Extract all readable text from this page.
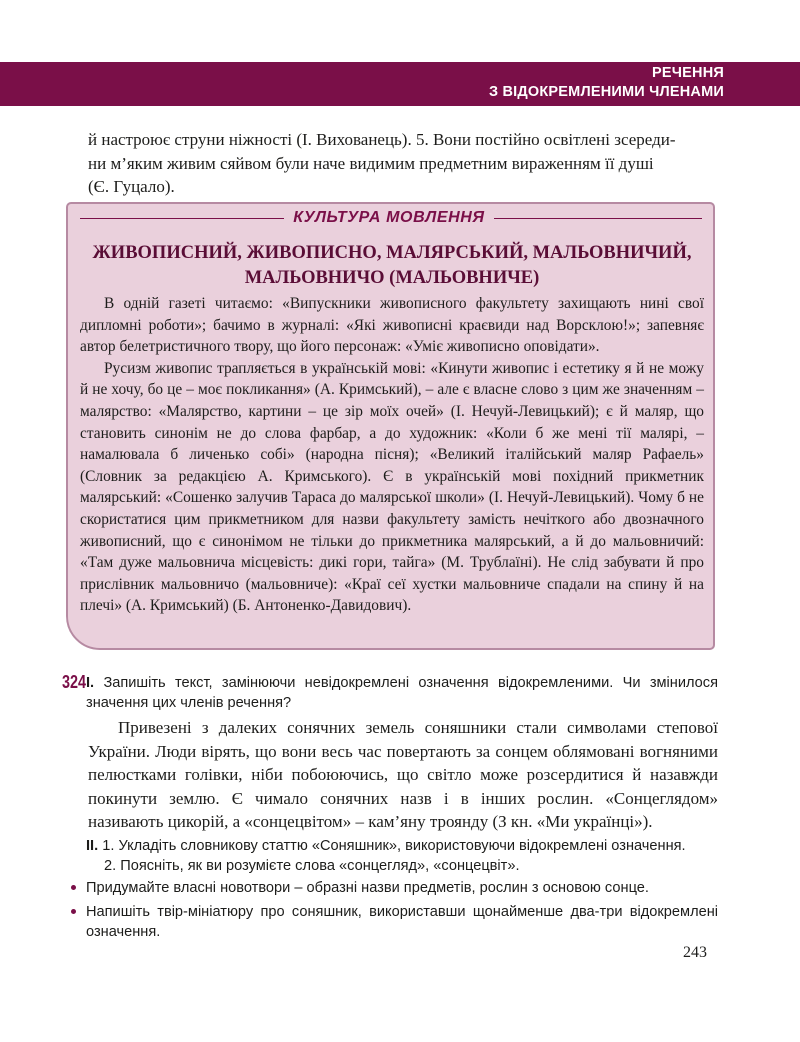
РЕЧЕННЯ
З ВІДОКРЕМЛЕНИМИ ЧЛЕНАМИ
й настроює струни ніжності (І. Вихованець). 5. Вони постійно освітлені зсереди-
ни м’яким живим сяйвом були наче видимим предметним вираженням її душі
(Є. Гуцало).
КУЛЬТУРА МОВЛЕННЯ
ЖИВОПИСНИЙ, ЖИВОПИСНО, МАЛЯРСЬКИЙ, МАЛЬОВНИЧИЙ,
МАЛЬОВНИЧО (МАЛЬОВНИЧЕ)

В одній газеті читаємо: «Випускники живописного факультету захищають нині свої дипломні роботи»; бачимо в журналі: «Які живописні краєвиди над Ворсклою!»; запевняє автор белетристичного твору, що його персонаж: «Уміє живописно оповідати».

Русизм живопис трапляється в українській мові: «Кинути живопис і естетику я й не можу й не хочу, бо це – моє покликання» (А. Кримський), – але є власне слово з цим же значенням – малярство: «Малярство, картини – це зір моїх очей» (І. Нечуй-Левицький); є й маляр, що становить синонім не до слова фарбар, а до художник: «Коли б же мені тії малярі, – намалювала б личенько собі» (народна пісня); «Великий італійський маляр Рафаель» (Словник за редакцією А. Кримського). Є в українській мові похідний прикметник малярський: «Сошенко залучив Тараса до малярської школи» (І. Нечуй-Левицький). Чому б не скористатися цим прикметником для назви факультету замість нечіткого або двозначного живописний, що є синонімом не тільки до прикметника малярський, а й до мальовничий: «Там дуже мальовнича місцевість: дикі гори, тайга» (М. Трублаїні). Не слід забувати й про прислівник мальовничо (мальовниче): «Краї сеї хустки мальовниче спадали на спину й на плечі» (А. Кримський) (Б. Антоненко-Давидович).

324 І. Запишіть текст, замінюючи невідокремлені означення відокремленими. Чи змінилося значення цих членів речення?

Привезені з далеких сонячних земель соняшники стали символами степової України. Люди вірять, що вони весь час повертають за сонцем облямовані вогняними пелюстками голівки, ніби побоюючись, що світло може розсердитися й назавжди покинути землю. Є чимало сонячних назв і в інших рослин. «Сонцеглядом» називають цикорій, а «сонцецвітом» – кам’яну троянду (З кн. «Ми українці»).

ІІ. 1. Укладіть словникову статтю «Соняшник», використовуючи відокремлені означення.
2. Поясніть, як ви розумієте слова «сонцегляд», «сонцецвіт».
Придумайте власні новотвори – образні назви предметів, рослин з основою сонце.
Напишіть твір-мініатюру про соняшник, використавши щонайменше два-три відокремлені означення.
243
